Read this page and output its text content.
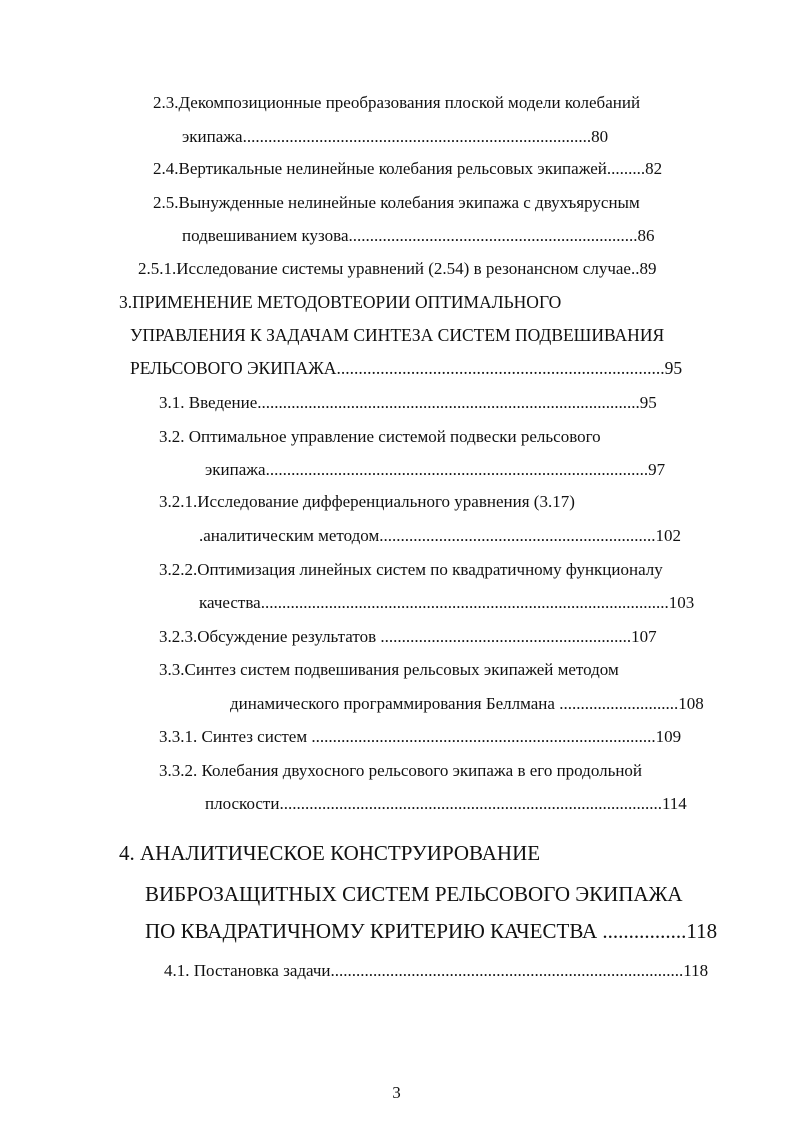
2.3.Декомпозиционные преобразования плоской модели колебаний
экипажа..................................................................................80
2.4.Вертикальные нелинейные колебания рельсовых экипажей.........82
2.5.Вынужденные нелинейные колебания экипажа с двухъярусным
подвешиванием кузова....................................................................86
2.5.1.Исследование системы уравнений (2.54) в резонансном случае..89
3.ПРИМЕНЕНИЕ МЕТОДОВТЕОРИИ ОПТИМАЛЬНОГО
УПРАВЛЕНИЯ К ЗАДАЧАМ СИНТЕЗА СИСТЕМ ПОДВЕШИВАНИЯ
РЕЛЬСОВОГО ЭКИПАЖА...........................................................................95
3.1. Введение..........................................................................................95
3.2. Оптимальное управление системой подвески рельсового
экипажа..........................................................................................97
3.2.1.Исследование дифференциального уравнения (3.17)
.аналитическим методом.................................................................102
3.2.2.Оптимизация линейных систем по квадратичному функционалу
качества................................................................................................103
3.2.3.Обсуждение результатов ...........................................................107
3.3.Синтез систем подвешивания рельсовых экипажей методом
динамического программирования Беллмана ............................108
3.3.1. Синтез систем .................................................................................109
3.3.2. Колебания двухосного рельсового экипажа в его продольной
плоскости..........................................................................................114
4. АНАЛИТИЧЕСКОЕ КОНСТРУИРОВАНИЕ
ВИБРОЗАЩИТНЫХ СИСТЕМ РЕЛЬСОВОГО ЭКИПАЖА
ПО КВАДРАТИЧНОМУ КРИТЕРИЮ КАЧЕСТВА ................118
4.1. Постановка задачи...................................................................................118
3
